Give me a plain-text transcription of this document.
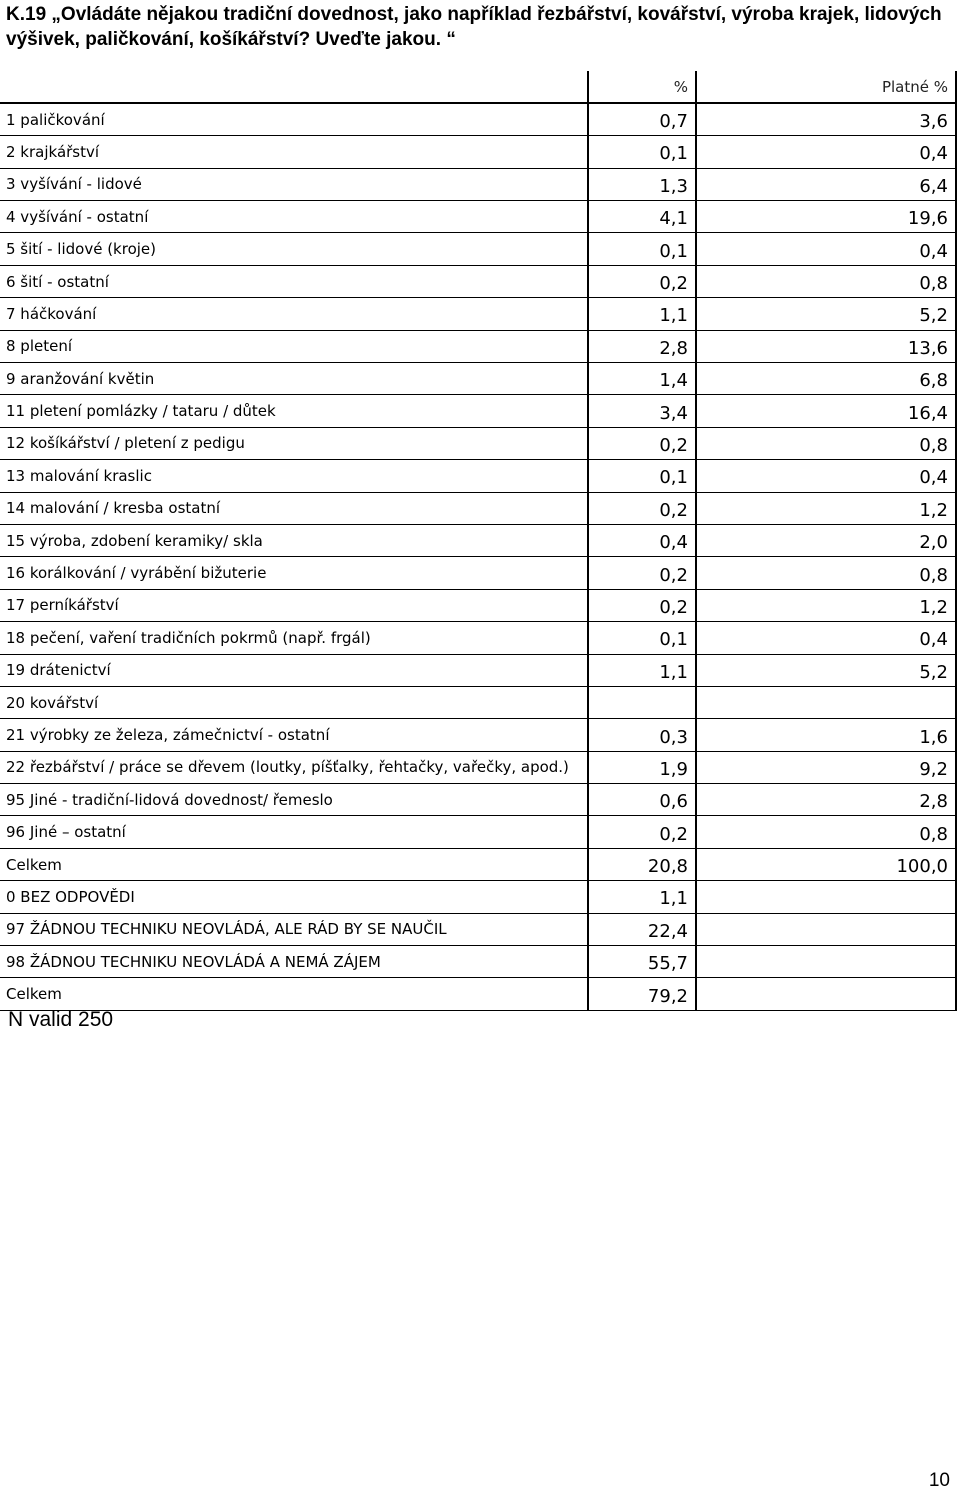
K.19 „Ovládáte nějakou tradiční dovednost, jako například řezbářství, kovářství, výroba krajek, lidových výšivek, paličkování, košíkářství? Uveďte jakou. “
	%	Platné %
1 paličkování	0,7	3,6
2 krajkářství	0,1	0,4
3 vyšívání - lidové	1,3	6,4
4 vyšívání - ostatní	4,1	19,6
5 šití - lidové (kroje)	0,1	0,4
6 šití - ostatní	0,2	0,8
7 háčkování	1,1	5,2
8 pletení	2,8	13,6
9 aranžování květin	1,4	6,8
11 pletení pomlázky / tataru / důtek	3,4	16,4
12 košíkářství / pletení z pedigu	0,2	0,8
13 malování kraslic	0,1	0,4
14 malování / kresba ostatní	0,2	1,2
15 výroba, zdobení keramiky/ skla	0,4	2,0
16 korálkování / vyrábění bižuterie	0,2	0,8
17 perníkářství	0,2	1,2
18 pečení, vaření tradičních pokrmů (např. frgál)	0,1	0,4
19 drátenictví	1,1	5,2
20 kovářství		
21 výrobky ze železa, zámečnictví - ostatní	0,3	1,6
22 řezbářství / práce se dřevem (loutky, píšťalky, řehtačky, vařečky, apod.)	1,9	9,2
95 Jiné - tradiční-lidová dovednost/ řemeslo	0,6	2,8
96 Jiné – ostatní	0,2	0,8
Celkem	20,8	100,0
0 BEZ ODPOVĚDI	1,1	
97 ŽÁDNOU TECHNIKU NEOVLÁDÁ, ALE RÁD BY SE NAUČIL	22,4	
98 ŽÁDNOU TECHNIKU NEOVLÁDÁ A NEMÁ ZÁJEM	55,7	
Celkem	79,2	
N valid 250
10
